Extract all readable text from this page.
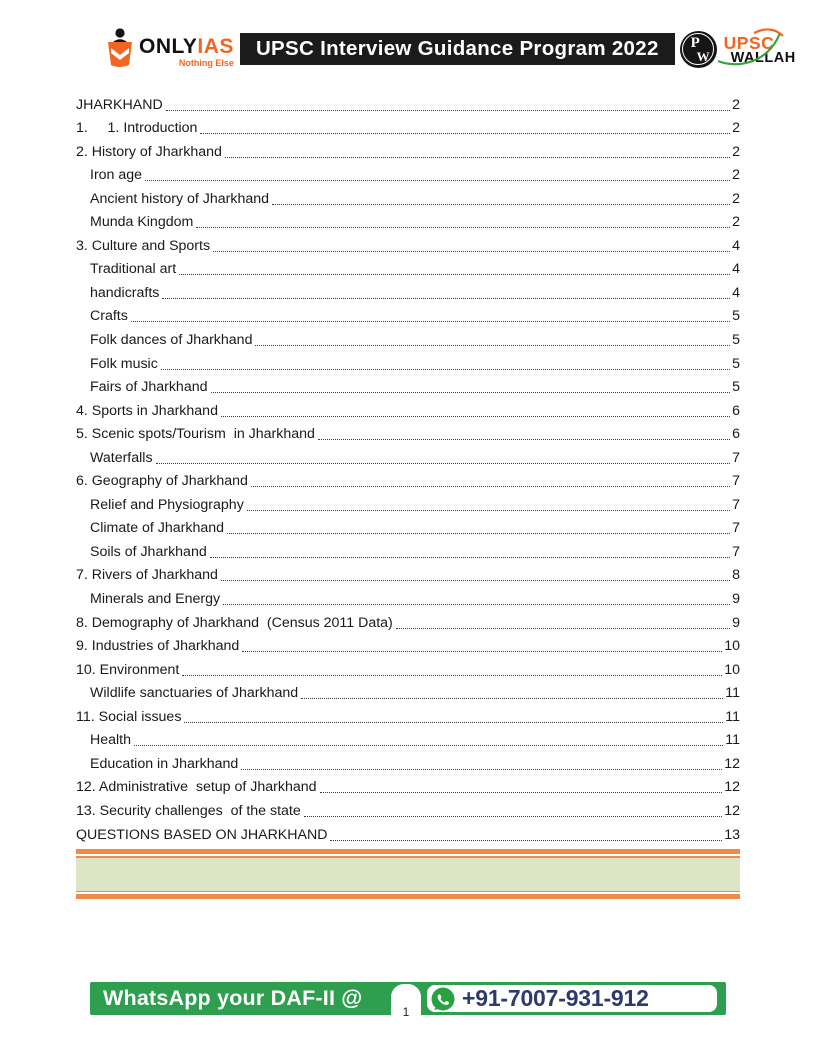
ONLYIAS
Nothing Else
UPSC Interview Guidance Program 2022	P
W
UPSC
WALLAH
JHARKHAND	2
1.     1. Introduction	2
2. History of Jharkhand	2
Iron age	2
Ancient history of Jharkhand	2
Munda Kingdom	2
3. Culture and Sports	4
Traditional art	4
handicrafts	4
Crafts	5
Folk dances of Jharkhand	5
Folk music	5
Fairs of Jharkhand	5
4. Sports in Jharkhand	6
5. Scenic spots/Tourism  in Jharkhand	6
Waterfalls	7
6. Geography of Jharkhand	7
Relief and Physiography	7
Climate of Jharkhand	7
Soils of Jharkhand	7
7. Rivers of Jharkhand	8
Minerals and Energy	9
8. Demography of Jharkhand  (Census 2011 Data)	9
9. Industries of Jharkhand	10
10. Environment	10
Wildlife sanctuaries of Jharkhand	11
11. Social issues	11
Health	11
Education in Jharkhand	12
12. Administrative  setup of Jharkhand	12
13. Security challenges  of the state	12
QUESTIONS BASED ON JHARKHAND	13
WhatsApp your DAF-II @
1
+91-7007-931-912
